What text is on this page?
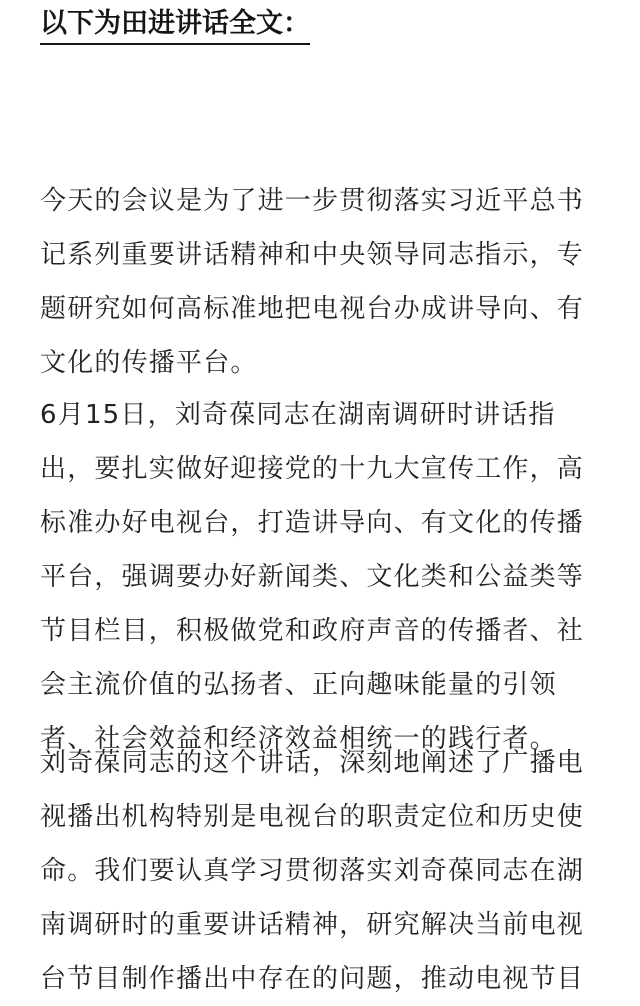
以下为田进讲话全文：

今天的会议是为了进一步贯彻落实习近平总书
记系列重要讲话精神和中央领导同志指示，专
题研究如何高标准地把电视台办成讲导向、有
文化的传播平台。

6月15日，刘奇葆同志在湖南调研时讲话指
出，要扎实做好迎接党的十九大宣传工作，高
标准办好电视台，打造讲导向、有文化的传播
平台，强调要办好新闻类、文化类和公益类等
节目栏目，积极做党和政府声音的传播者、社
会主流价值的弘扬者、正向趣味能量的引领
者、社会效益和经济效益相统一的践行者。

刘奇葆同志的这个讲话，深刻地阐述了广播电
视播出机构特别是电视台的职责定位和历史使
命。我们要认真学习贯彻落实刘奇葆同志在湖
南调研时的重要讲话精神，研究解决当前电视
台节目制作播出中存在的问题，推动电视节目
